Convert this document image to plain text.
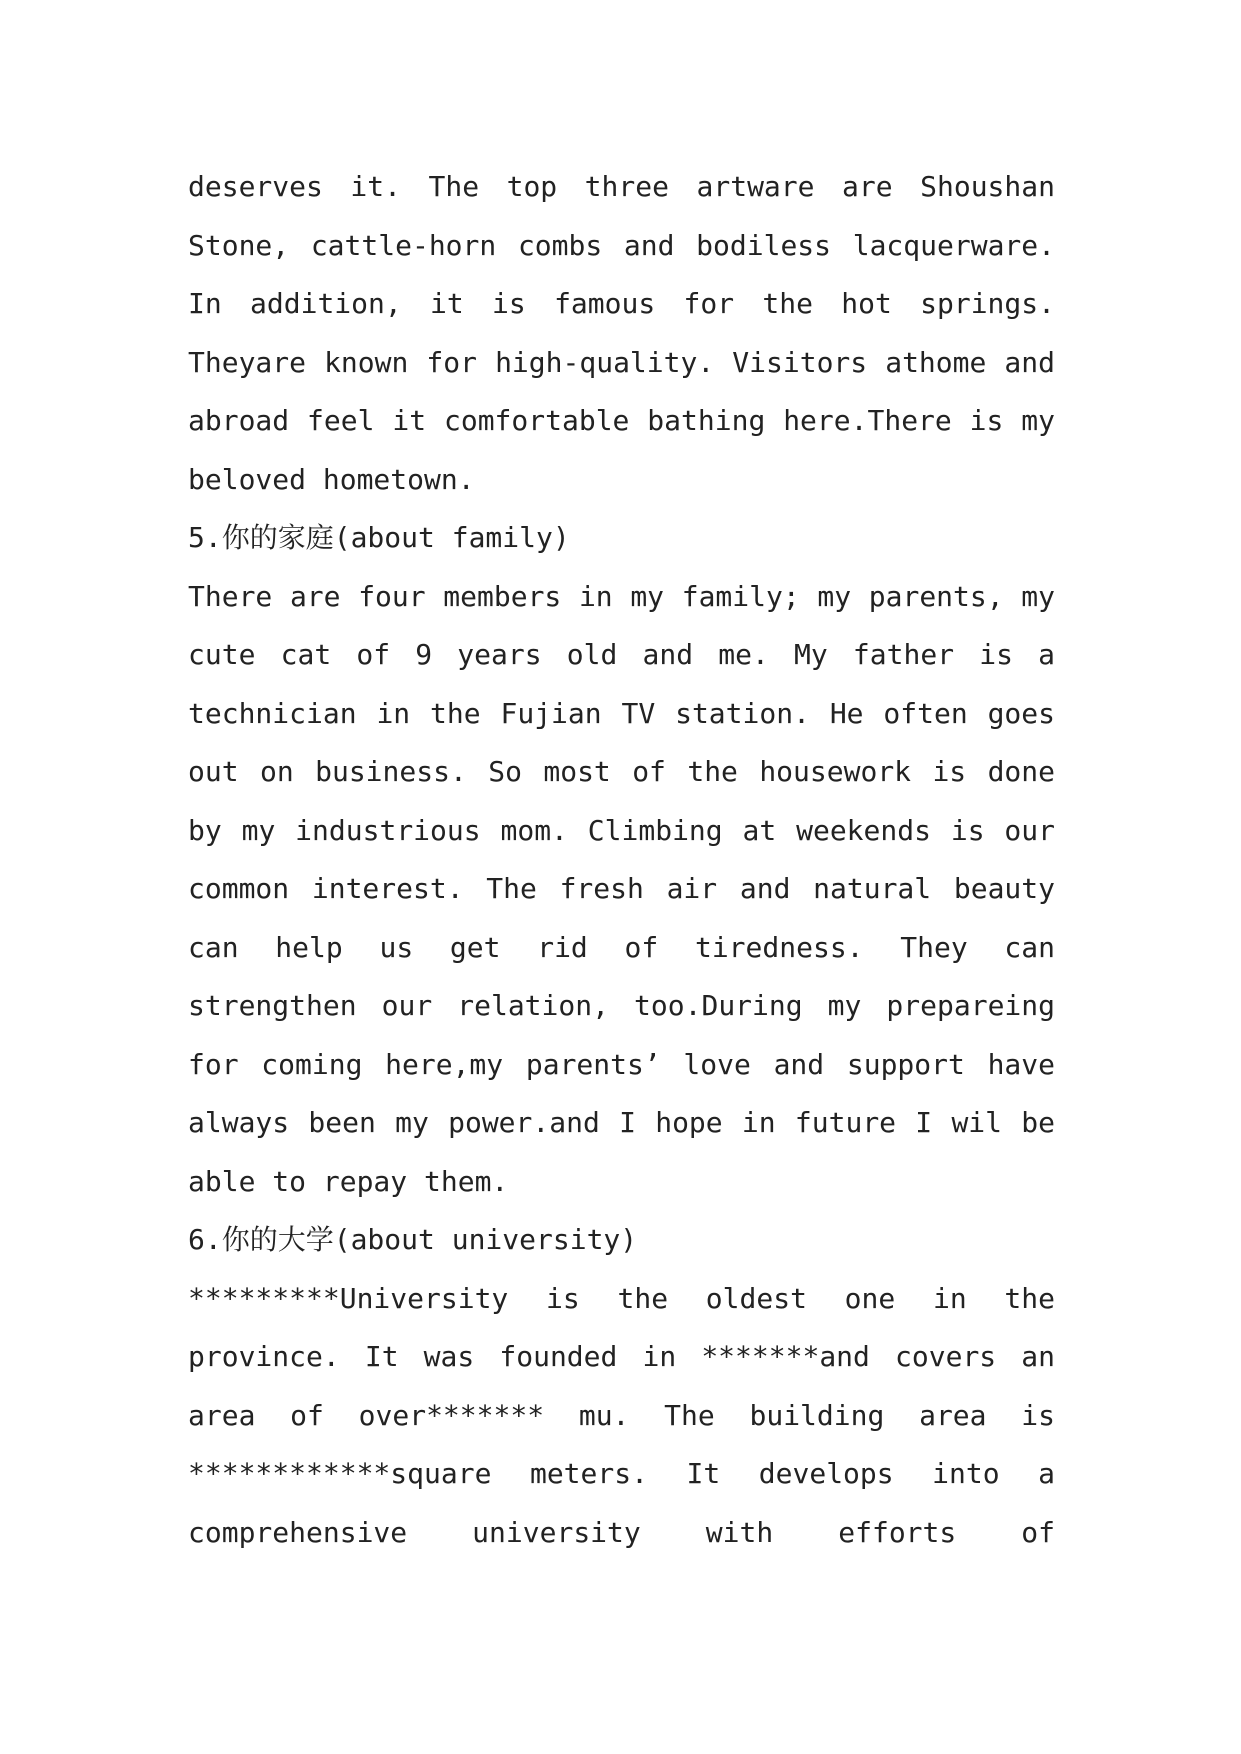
deserves it. The top three artware are Shoushan
Stone, cattle-horn combs and bodiless lacquerware.
In addition, it is famous for the hot springs.
Theyare known for high-quality. Visitors athome and
abroad feel it comfortable bathing here.There is my
beloved hometown.
5.你的家庭(about family)
There are four members in my family; my parents, my
cute cat of 9 years old and me. My father is a
technician in the Fujian TV station. He often goes
out on business. So most of the housework is done
by my industrious mom. Climbing at weekends is our
common interest. The fresh air and natural beauty
can help us get rid of tiredness. They can
strengthen our relation, too.During my prepareing
for coming here,my parents’ love and support have
always been my power.and I hope in future I wil be
able to repay them.
6.你的大学(about university)
*********University is the oldest one in the
province. It was founded in *******and covers an
area of over******* mu. The building area is
************square meters. It develops into a
comprehensive university with efforts of
